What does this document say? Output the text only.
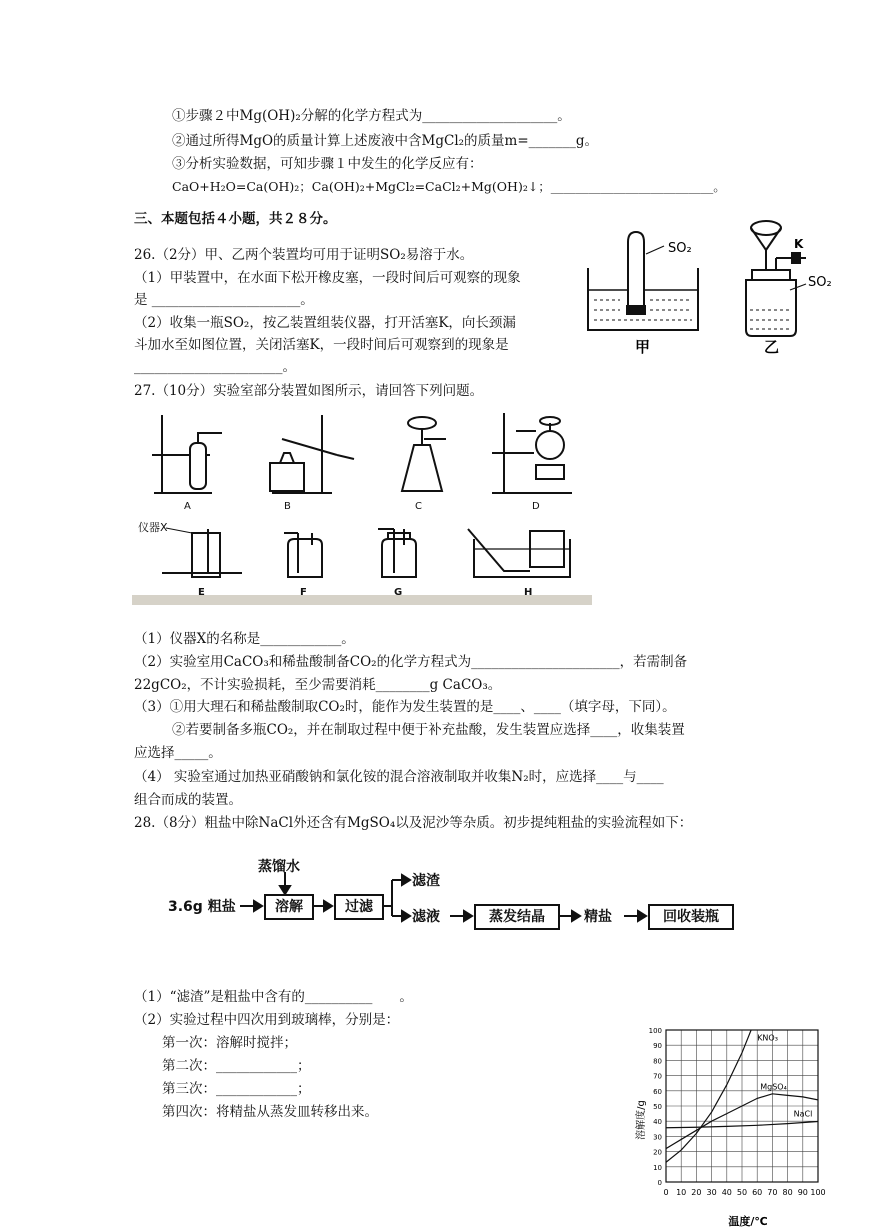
①步骤２中Mg(OH)₂分解的化学方程式为____________________。
②通过所得MgO的质量计算上述废液中含MgCl₂的质量m=_______g。
③分析实验数据，可知步骤１中发生的化学反应有：
CaO+H₂O=Ca(OH)₂；Ca(OH)₂+MgCl₂=CaCl₂+Mg(OH)₂↓；__________________________。
三、本题包括４小题，共２８分。
26.（2分）甲、乙两个装置均可用于证明SO₂易溶于水。
（1）甲装置中，在水面下松开橡皮塞，一段时间后可观察的现象
是 ______________________。
（2）收集一瓶SO₂，按乙装置组装仪器，打开活塞K，向长颈漏
斗加水至如图位置，关闭活塞K，一段时间后可观察到的现象是
______________________。
SO₂
甲
K
SO₂
乙
27.（10分）实验室部分装置如图所示，请回答下列问题。
A	B	C	D
E	F	G	H
仪器X
（1）仪器X的名称是____________。
（2）实验室用CaCO₃和稀盐酸制备CO₂的化学方程式为______________________，若需制备
22gCO₂，不计实验损耗，至少需要消耗________g CaCO₃。
（3）①用大理石和稀盐酸制取CO₂时，能作为发生装置的是____、____（填字母，下同）。
②若要制备多瓶CO₂，并在制取过程中便于补充盐酸，发生装置应选择____，收集装置
应选择_____。
（4） 实验室通过加热亚硝酸钠和氯化铵的混合溶液制取并收集N₂时，应选择____与____
组合而成的装置。
28.（8分）粗盐中除NaCl外还含有MgSO₄以及泥沙等杂质。初步提纯粗盐的实验流程如下：
蒸馏水
3.6g 粗盐	溶解	过滤
滤渣
滤液	蒸发结晶	精盐	回收装瓶
（1）“滤渣”是粗盐中含有的__________　　。
（2）实验过程中四次用到玻璃棒，分别是：
第一次：溶解时搅拌；
第二次：____________；
第三次：____________；
第四次：将精盐从蒸发皿转移出来。	溶解度/g
温度/℃
0 10 20 30 40 50 60 70 80 90 100
0
10
20
30
40
50
60
70
80
90
100
KNO₃
MgSO₄
NaCl
